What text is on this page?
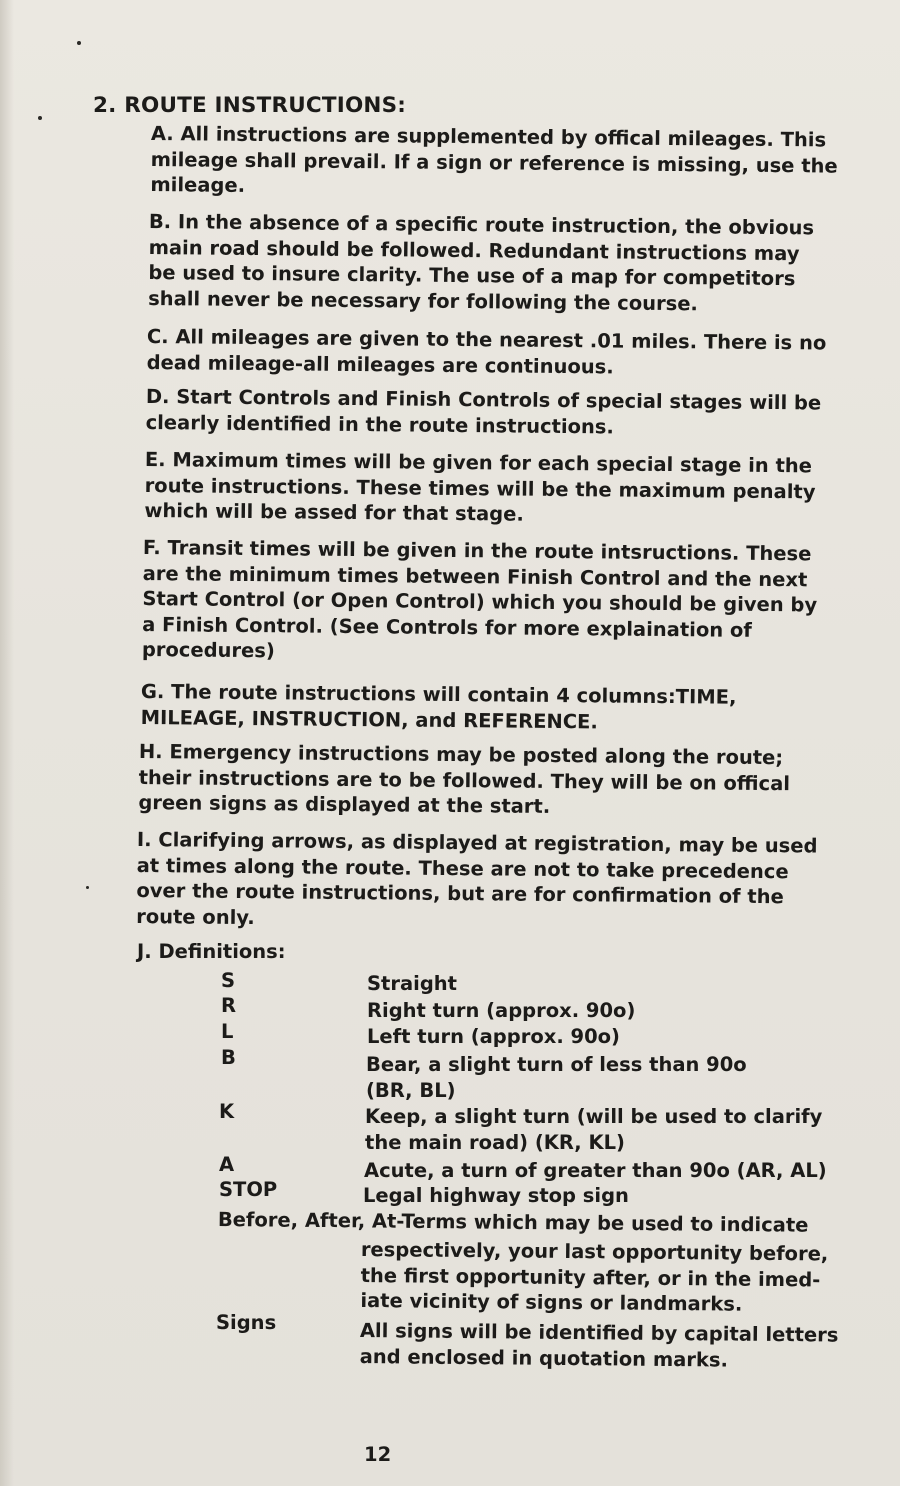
2. ROUTE INSTRUCTIONS:
A. All instructions are supplemented by offical mileages. This
mileage shall prevail. If a sign or reference is missing, use the
mileage.
B. In the absence of a specific route instruction, the obvious
main road should be followed. Redundant instructions may
be used to insure clarity. The use of a map for competitors
shall never be necessary for following the course.
C. All mileages are given to the nearest .01 miles. There is no
dead mileage-all mileages are continuous.
D. Start Controls and Finish Controls of special stages will be
clearly identified in the route instructions.
E. Maximum times will be given for each special stage in the
route instructions. These times will be the maximum penalty
which will be assed for that stage.
F. Transit times will be given in the route intsructions. These
are the minimum times between Finish Control and the next
Start Control (or Open Control) which you should be given by
a Finish Control. (See Controls for more explaination of
procedures)
G. The route instructions will contain 4 columns:TIME,
MILEAGE, INSTRUCTION, and REFERENCE.
H. Emergency instructions may be posted along the route;
their instructions are to be followed. They will be on offical
green signs as displayed at the start.
I. Clarifying arrows, as displayed at registration, may be used
at times along the route. These are not to take precedence
over the route instructions, but are for confirmation of the
route only.
J. Definitions:
S	Straight
R	Right turn (approx. 90o)
L	Left turn (approx. 90o)
B	Bear, a slight turn of less than 90o
(BR, BL)
K	Keep, a slight turn (will be used to clarify
the main road) (KR, KL)
A	Acute, a turn of greater than 90o (AR, AL)
STOP	Legal highway stop sign
Before, After, At-Terms which may be used to indicate
respectively, your last opportunity before,
the first opportunity after, or in the imed-
iate vicinity of signs or landmarks.
Signs	All signs will be identified by capital letters
and enclosed in quotation marks.
12
